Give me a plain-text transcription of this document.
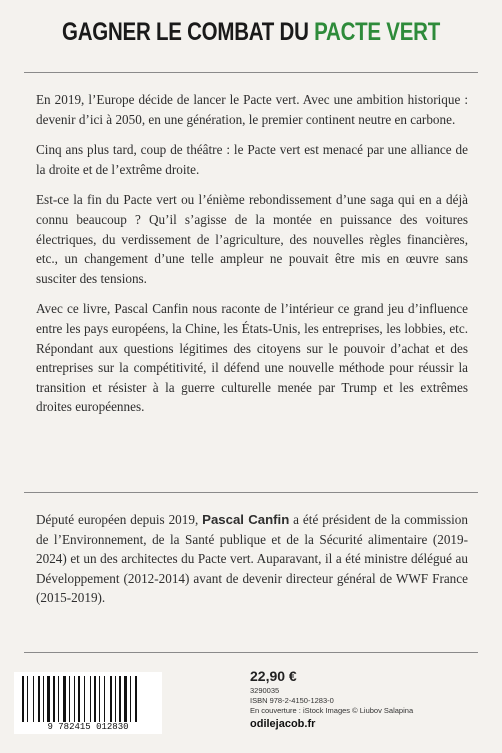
GAGNER LE COMBAT DU PACTE VERT

En 2019, l’Europe décide de lancer le Pacte vert. Avec une ambition historique : devenir d’ici à 2050, en une génération, le premier continent neutre en carbone.

Cinq ans plus tard, coup de théâtre : le Pacte vert est menacé par une alliance de la droite et de l’extrême droite.

Est-ce la fin du Pacte vert ou l’énième rebondissement d’une saga qui en a déjà connu beaucoup ? Qu’il s’agisse de la montée en puissance des voitures électriques, du verdissement de l’agriculture, des nouvelles règles financières, etc., un changement d’une telle ampleur ne pouvait être mis en œuvre sans susciter des tensions.

Avec ce livre, Pascal Canfin nous raconte de l’intérieur ce grand jeu d’influence entre les pays européens, la Chine, les États-Unis, les entreprises, les lobbies, etc. Répondant aux questions légitimes des citoyens sur le pouvoir d’achat et des entreprises sur la compétitivité, il défend une nouvelle méthode pour réussir la transition et résister à la guerre culturelle menée par Trump et les extrêmes droites européennes.

Député européen depuis 2019, Pascal Canfin a été président de la commission de l’Environnement, de la Santé publique et de la Sécurité alimentaire (2019-2024) et un des architectes du Pacte vert. Auparavant, il a été ministre délégué au Développement (2012-2014) avant de devenir directeur général de WWF France (2015-2019).
9 782415 012830
22,90 €
3290035
ISBN 978-2-4150-1283-0
En couverture : iStock Images © Liubov Salapina
odilejacob.fr
